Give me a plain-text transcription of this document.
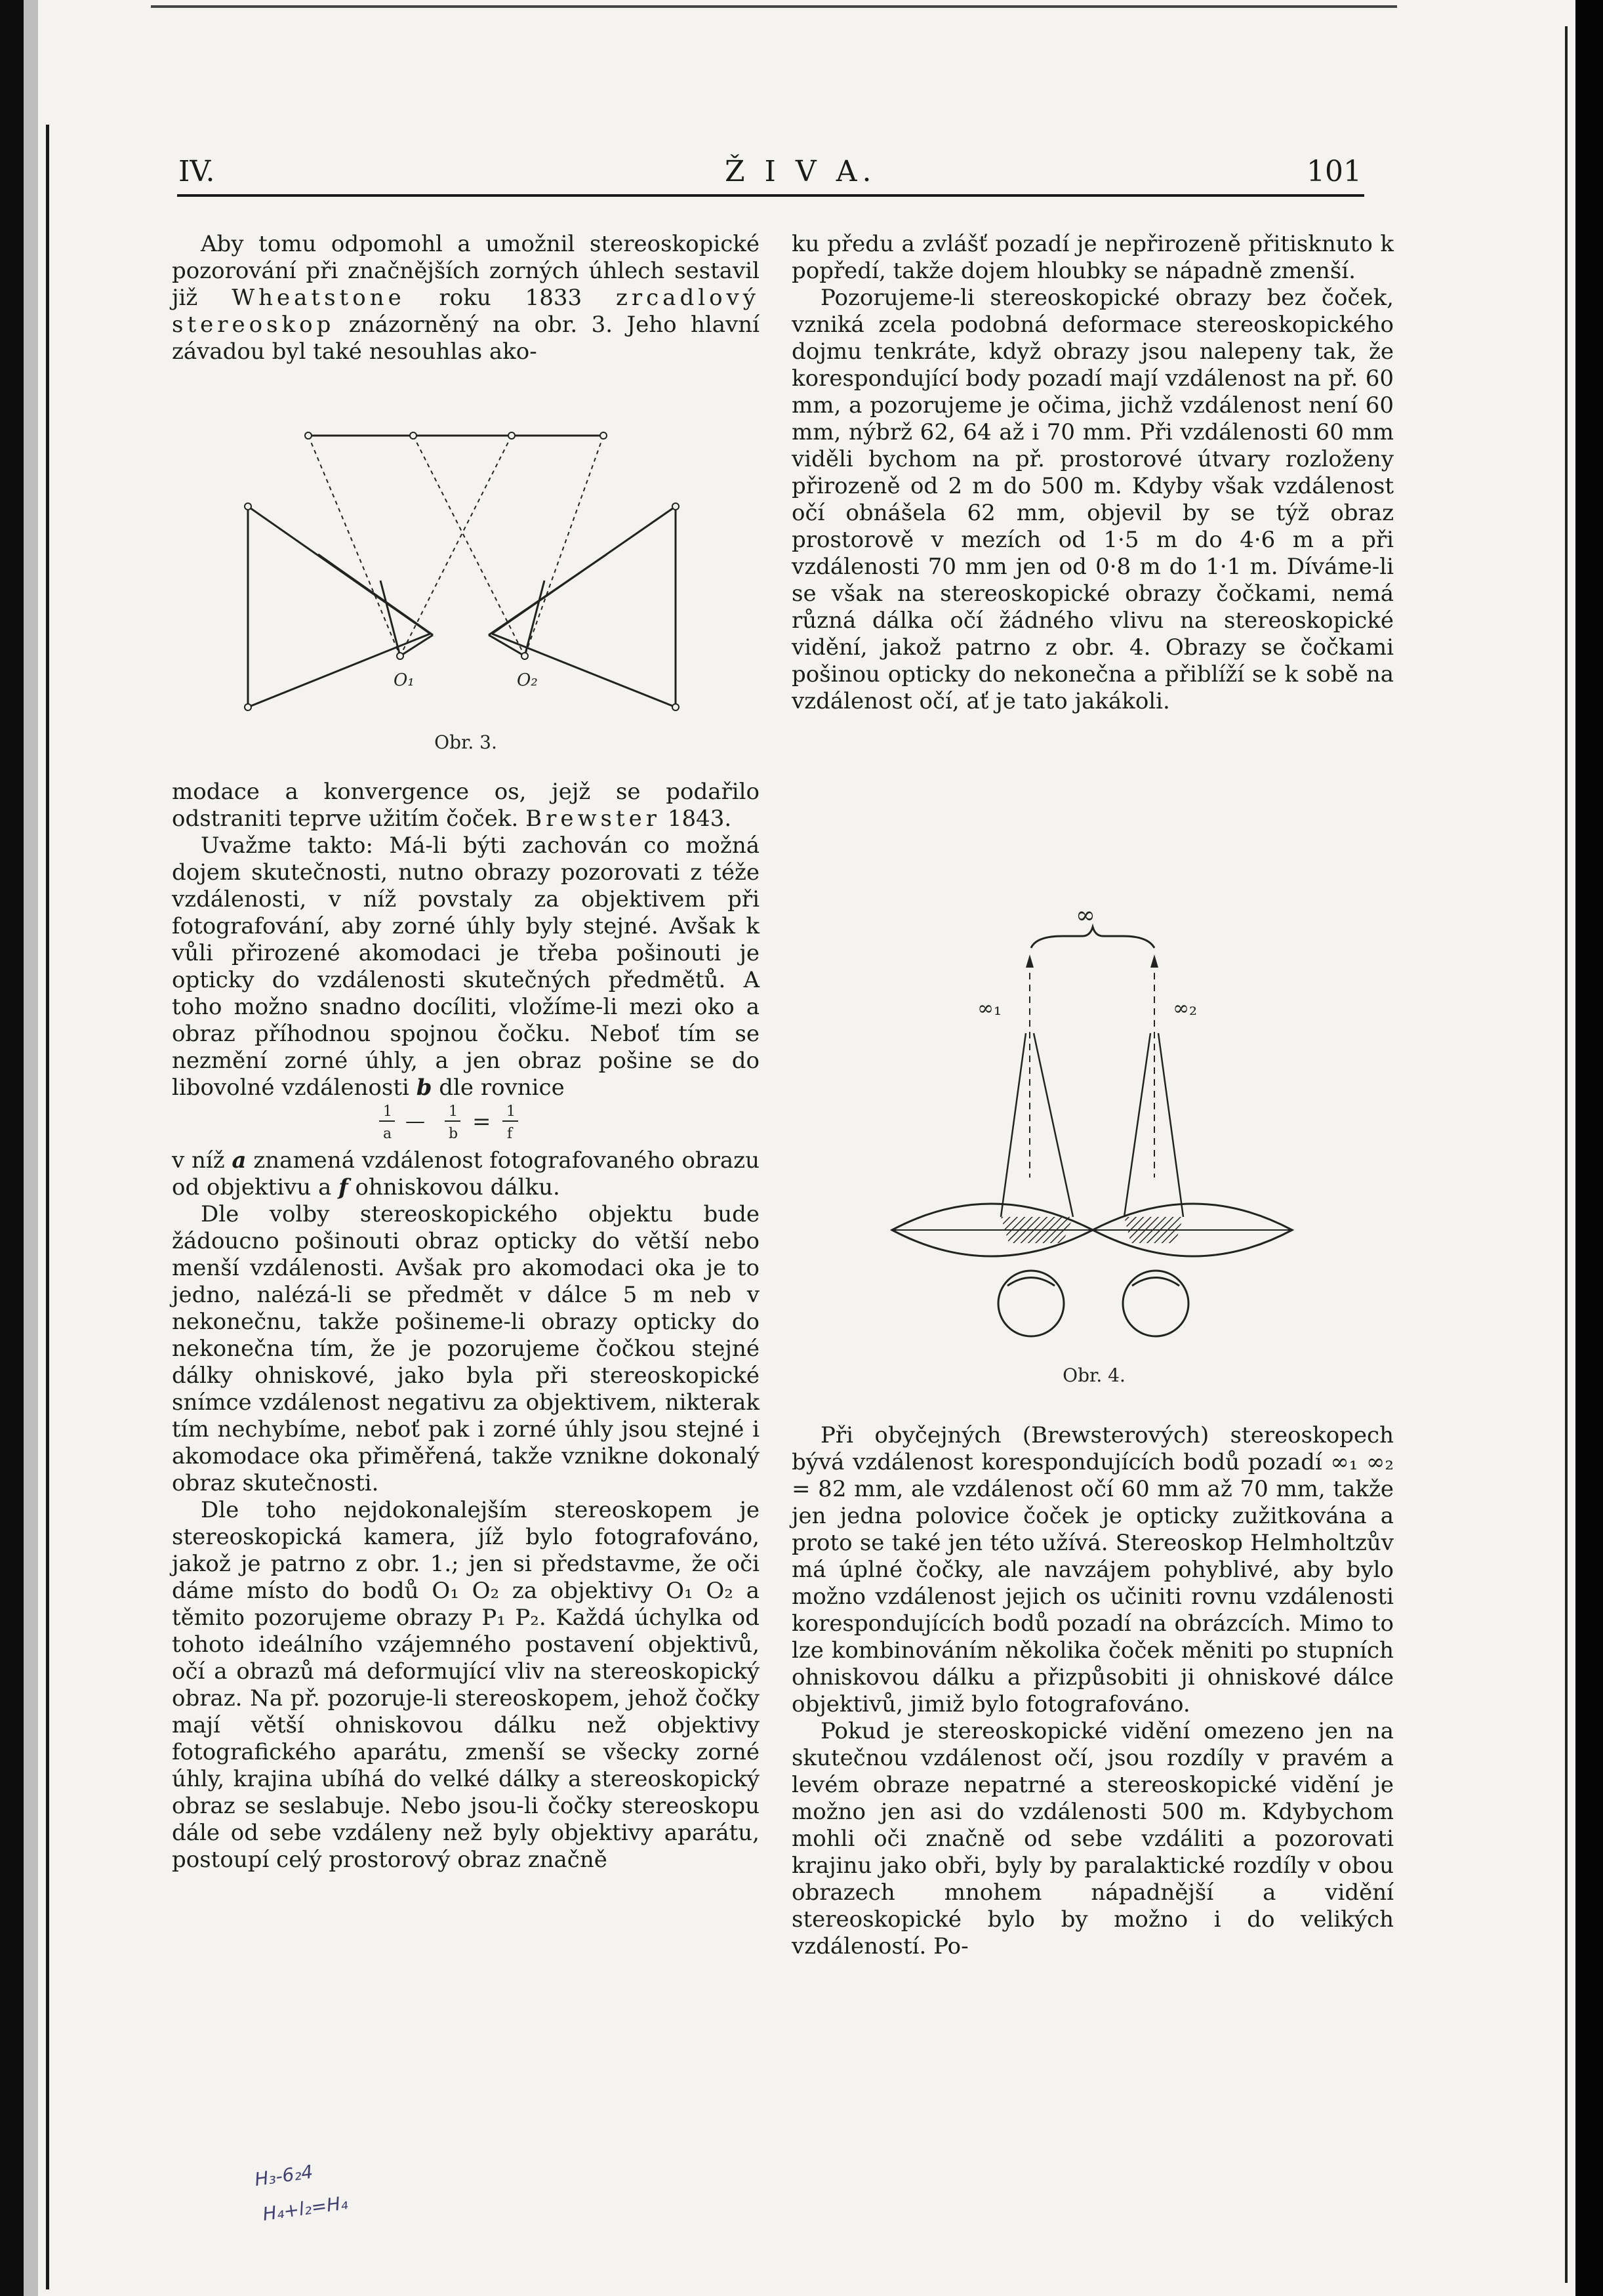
IV.	Ž I V A.	101

Aby tomu odpomohl a umožnil stereoskopické pozorování při značnějších zorných úhlech sestavil již Wheatstone roku 1833 zrcadlový stereoskop znázorněný na obr. 3. Jeho hlavní závadou byl také nesouhlas ako-

O₁	O₂
Obr. 3.

modace a konvergence os, jejž se podařilo odstraniti teprve užitím čoček. Brewster 1843.

Uvažme takto: Má-li býti zachován co možná dojem skutečnosti, nutno obrazy pozorovati z téže vzdálenosti, v níž povstaly za objektivem při fotografování, aby zorné úhly byly stejné. Avšak k vůli přirozené akomodaci je třeba pošinouti je opticky do vzdálenosti skutečných předmětů. A toho možno snadno docíliti, vložíme-li mezi oko a obraz příhodnou spojnou čočku. Neboť tím se nezmění zorné úhly, a jen obraz pošine se do libovolné vzdálenosti b dle rovnice

1
a
— 1
b = 1
f

v níž a znamená vzdálenost fotografovaného obrazu od objektivu a f ohniskovou dálku.

Dle volby stereoskopického objektu bude žádoucno pošinouti obraz opticky do větší nebo menší vzdálenosti. Avšak pro akomodaci oka je to jedno, nalézá-li se předmět v dálce 5 m neb v nekonečnu, takže pošineme-li obrazy opticky do nekonečna tím, že je pozorujeme čočkou stejné dálky ohniskové, jako byla při stereoskopické snímce vzdálenost negativu za objektivem, nikterak tím nechybíme, neboť pak i zorné úhly jsou stejné i akomodace oka přiměřená, takže vznikne dokonalý obraz skutečnosti.

Dle toho nejdokonalejším stereoskopem je stereoskopická kamera, jíž bylo fotografováno, jakož je patrno z obr. 1.; jen si představme, že oči dáme místo do bodů O₁ O₂ za objektivy O₁ O₂ a těmito pozorujeme obrazy P₁ P₂. Každá úchylka od tohoto ideálního vzájemného postavení objektivů, očí a obrazů má deformující vliv na stereoskopický obraz. Na př. pozoruje-li stereoskopem, jehož čočky mají větší ohniskovou dálku než objektivy fotografického aparátu, zmenší se všecky zorné úhly, krajina ubíhá do velké dálky a stereoskopický obraz se seslabuje. Nebo jsou-li čočky stereoskopu dále od sebe vzdáleny než byly objektivy aparátu, postoupí celý prostorový obraz značně

ku předu a zvlášť pozadí je nepřirozeně přitisknuto k popředí, takže dojem hloubky se nápadně zmenší.

Pozorujeme-li stereoskopické obrazy bez čoček, vzniká zcela podobná deformace stereoskopického dojmu tenkráte, když obrazy jsou nalepeny tak, že korespondující body pozadí mají vzdálenost na př. 60 mm, a pozorujeme je očima, jichž vzdálenost není 60 mm, nýbrž 62, 64 až i 70 mm. Při vzdálenosti 60 mm viděli bychom na př. prostorové útvary rozloženy přirozeně od 2 m do 500 m. Kdyby však vzdálenost očí obnášela 62 mm, objevil by se týž obraz prostorově v mezích od 1·5 m do 4·6 m a při vzdálenosti 70 mm jen od 0·8 m do 1·1 m. Díváme-li se však na stereoskopické obrazy čočkami, nemá různá dálka očí žádného vlivu na stereoskopické vidění, jakož patrno z obr. 4. Obrazy se čočkami pošinou opticky do nekonečna a přiblíží se k sobě na vzdálenost očí, ať je tato jakákoli.

∞
∞₁	∞₂
Obr. 4.

Při obyčejných (Brewsterových) stereoskopech bývá vzdálenost korespondujících bodů pozadí ∞₁ ∞₂ = 82 mm, ale vzdálenost očí 60 mm až 70 mm, takže jen jedna polovice čoček je opticky zužitkována a proto se také jen této užívá. Stereoskop Helmholtzův má úplné čočky, ale navzájem pohyblivé, aby bylo možno vzdálenost jejich os učiniti rovnu vzdálenosti korespondujících bodů pozadí na obrázcích. Mimo to lze kombinováním několika čoček měniti po stupních ohniskovou dálku a přizpůsobiti ji ohniskové dálce objektivů, jimiž bylo fotografováno.

Pokud je stereoskopické vidění omezeno jen na skutečnou vzdálenost očí, jsou rozdíly v pravém a levém obraze nepatrné a stereoskopické vidění je možno jen asi do vzdálenosti 500 m. Kdybychom mohli oči značně od sebe vzdáliti a pozorovati krajinu jako obři, byly by paralaktické rozdíly v obou obrazech mnohem nápadnější a vidění stereoskopické bylo by možno i do velikých vzdáleností. Po-

H₃-6₂4
H₄+l₂=H₄
